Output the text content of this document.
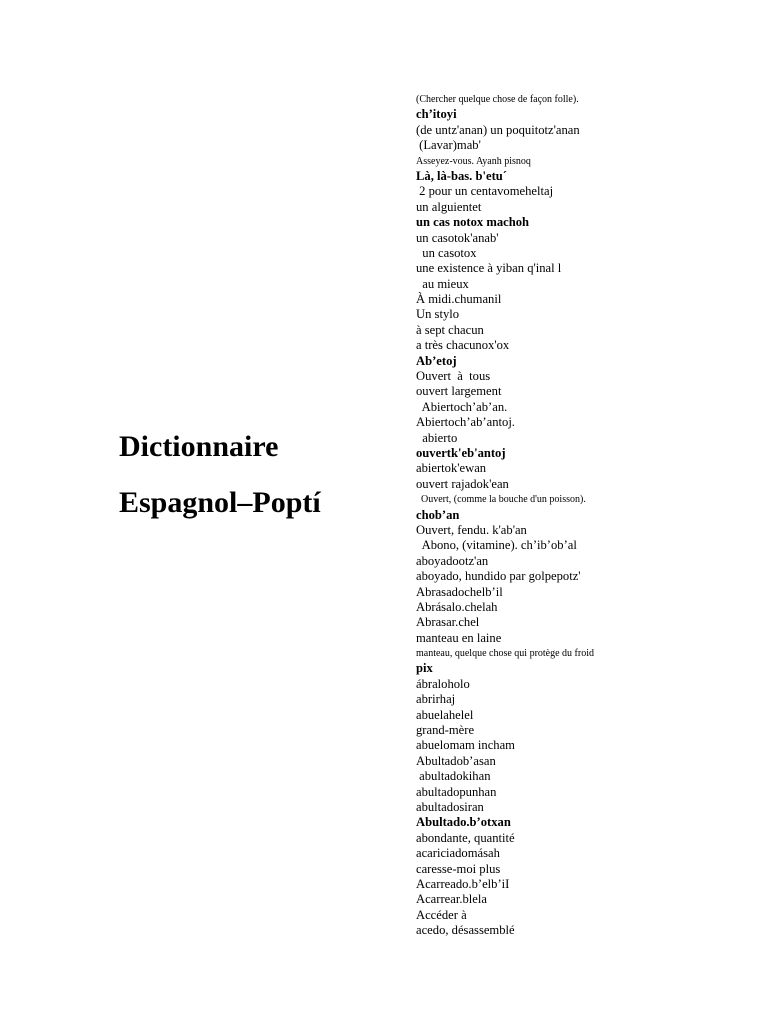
Dictionnaire

Espagnol–Poptí

(Chercher quelque chose de façon folle).
ch’itoyi
(de untz'anan) un poquitotz'anan
(Lavar)mab'
Asseyez-vous. Ayanh pisnoq
Là, là-bas. b'etu´
2 pour un centavomeheltaj
un alguientet
un cas notox machoh
un casotok'anab'
un casotox
une existence à yiban q'inal l
au mieux
À midi.chumanil
Un stylo
à sept chacun
a très chacunox'ox
Ab’etoj
Ouvert  à  tous
ouvert largement
Abiertoch’ab’an.
Abiertoch’ab’antoj.
abierto
ouvertk'eb'antoj
abiertok'ewan
ouvert rajadok'ean
Ouvert, (comme la bouche d'un poisson).
chob’an
Ouvert, fendu. k'ab'an
Abono, (vitamine). ch’ib’ob’al
aboyadootz'an
aboyado, hundido par golpepotz'
Abrasadochelb’il
Abrásalo.chelah
Abrasar.chel
manteau en laine
manteau, quelque chose qui protège du froid
pix
ábraloholo
abrirhaj
abuelahelel
grand-mère
abuelomam incham
Abultadob’asan
abultadokihan
abultadopunhan
abultadosiran
Abultado.b’otxan
abondante, quantité
acariciadomásah
caresse-moi plus
Acarreado.b’elb’iI
Acarrear.blela
Accéder à
acedo, désassemblé
